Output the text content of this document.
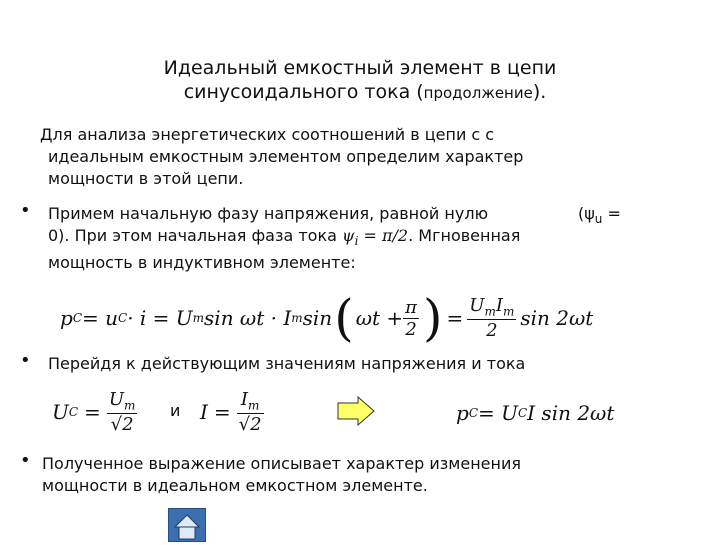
Идеальный емкостный элемент в цепи
синусоидального тока (продолжение).
Для анализа энергетических соотношений в цепи с с
идеальным емкостным элементом определим характер
мощности в этой цепи.
• Примем начальную фазу напряжения, равной нулю	($\psi_u$ =
0). При этом начальная фаза тока $\psi_i = \pi/2$. Мгновенная
мощность в индуктивном элементе:
p C = u C · i = U m sin ωt · I m sin ( $\omega t + \frac{\pi}{2}$ ) = $\frac{U_mI_m}{2}$ sin 2ωt
• Перейдя к действующим значениям напряжения и тока
U $C = \frac{U_m}{√2}$ и $I = \frac{I_m}{√2}$	p C = U C I sin 2ωt
• Полученное выражение описывает характер изменения
мощности в идеальном емкостном элементе.
